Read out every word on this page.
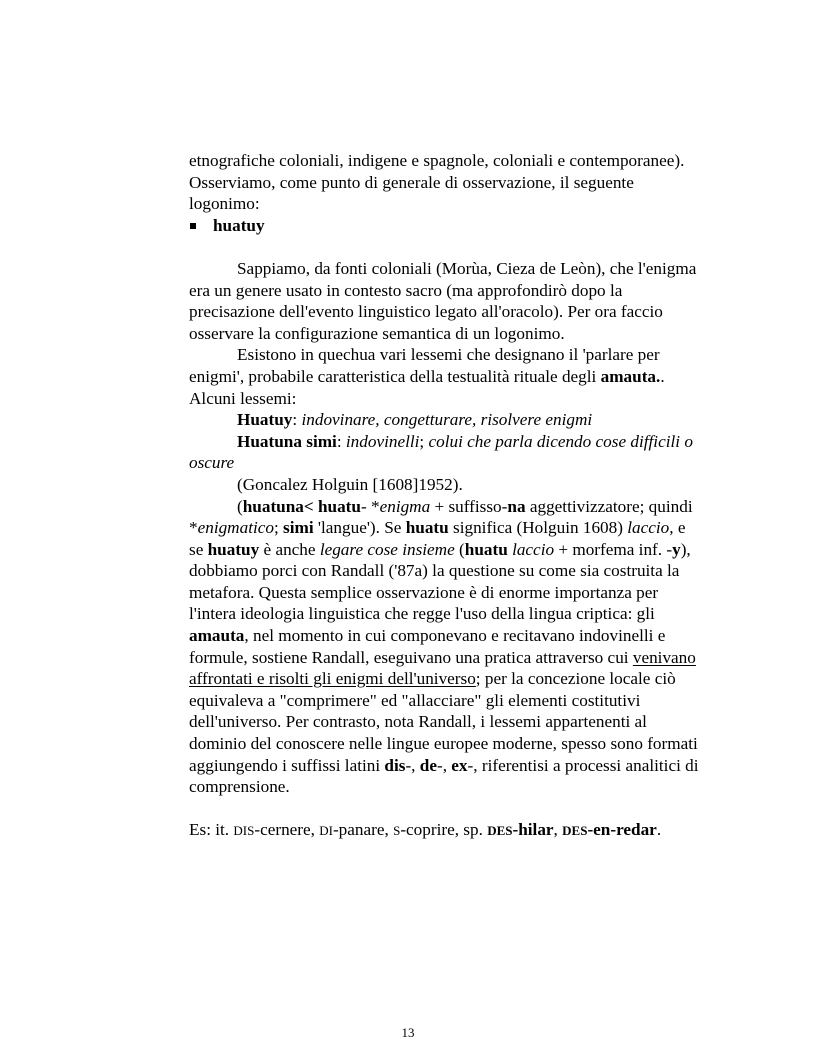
etnografiche coloniali, indigene e spagnole, coloniali e contemporanee). Osserviamo, come punto di generale di osservazione, il seguente logonimo:

huatuy

Sappiamo, da fonti coloniali (Morùa, Cieza de Leòn), che l'enigma era un genere usato in contesto sacro (ma approfondirò dopo la precisazione dell'evento linguistico legato all'oracolo). Per ora faccio osservare la configurazione semantica di un logonimo.

Esistono in quechua vari lessemi che designano il 'parlare per enigmi', probabile caratteristica della testualità rituale degli amauta..

Alcuni lessemi:

Huatuy: indovinare, congetturare, risolvere enigmi

Huatuna simi: indovinelli; colui che parla dicendo cose difficili o oscure

(Goncalez Holguin [1608]1952).

(huatuna< huatu- *enigma + suffisso-na aggettivizzatore; quindi *enigmatico; simi 'langue'). Se huatu significa (Holguin 1608) laccio, e se huatuy è anche legare cose insieme (huatu laccio + morfema inf. -y), dobbiamo porci con Randall ('87a) la questione su come sia costruita la metafora. Questa semplice osservazione è di enorme importanza per l'intera ideologia linguistica che regge l'uso della lingua criptica: gli amauta, nel momento in cui componevano e recitavano indovinelli e formule, sostiene Randall, eseguivano una pratica attraverso cui venivano affrontati e risolti gli enigmi dell'universo; per la concezione locale ciò equivaleva a "comprimere" ed "allacciare" gli elementi costitutivi dell'universo. Per contrasto, nota Randall, i lessemi appartenenti al dominio del conoscere nelle lingue europee moderne, spesso sono formati aggiungendo i suffissi latini dis-, de-, ex-, riferentisi a processi analitici di comprensione.

Es: it. DIS-cernere, DI-panare, S-coprire, sp. DES-hilar, DES-en-redar.

13
